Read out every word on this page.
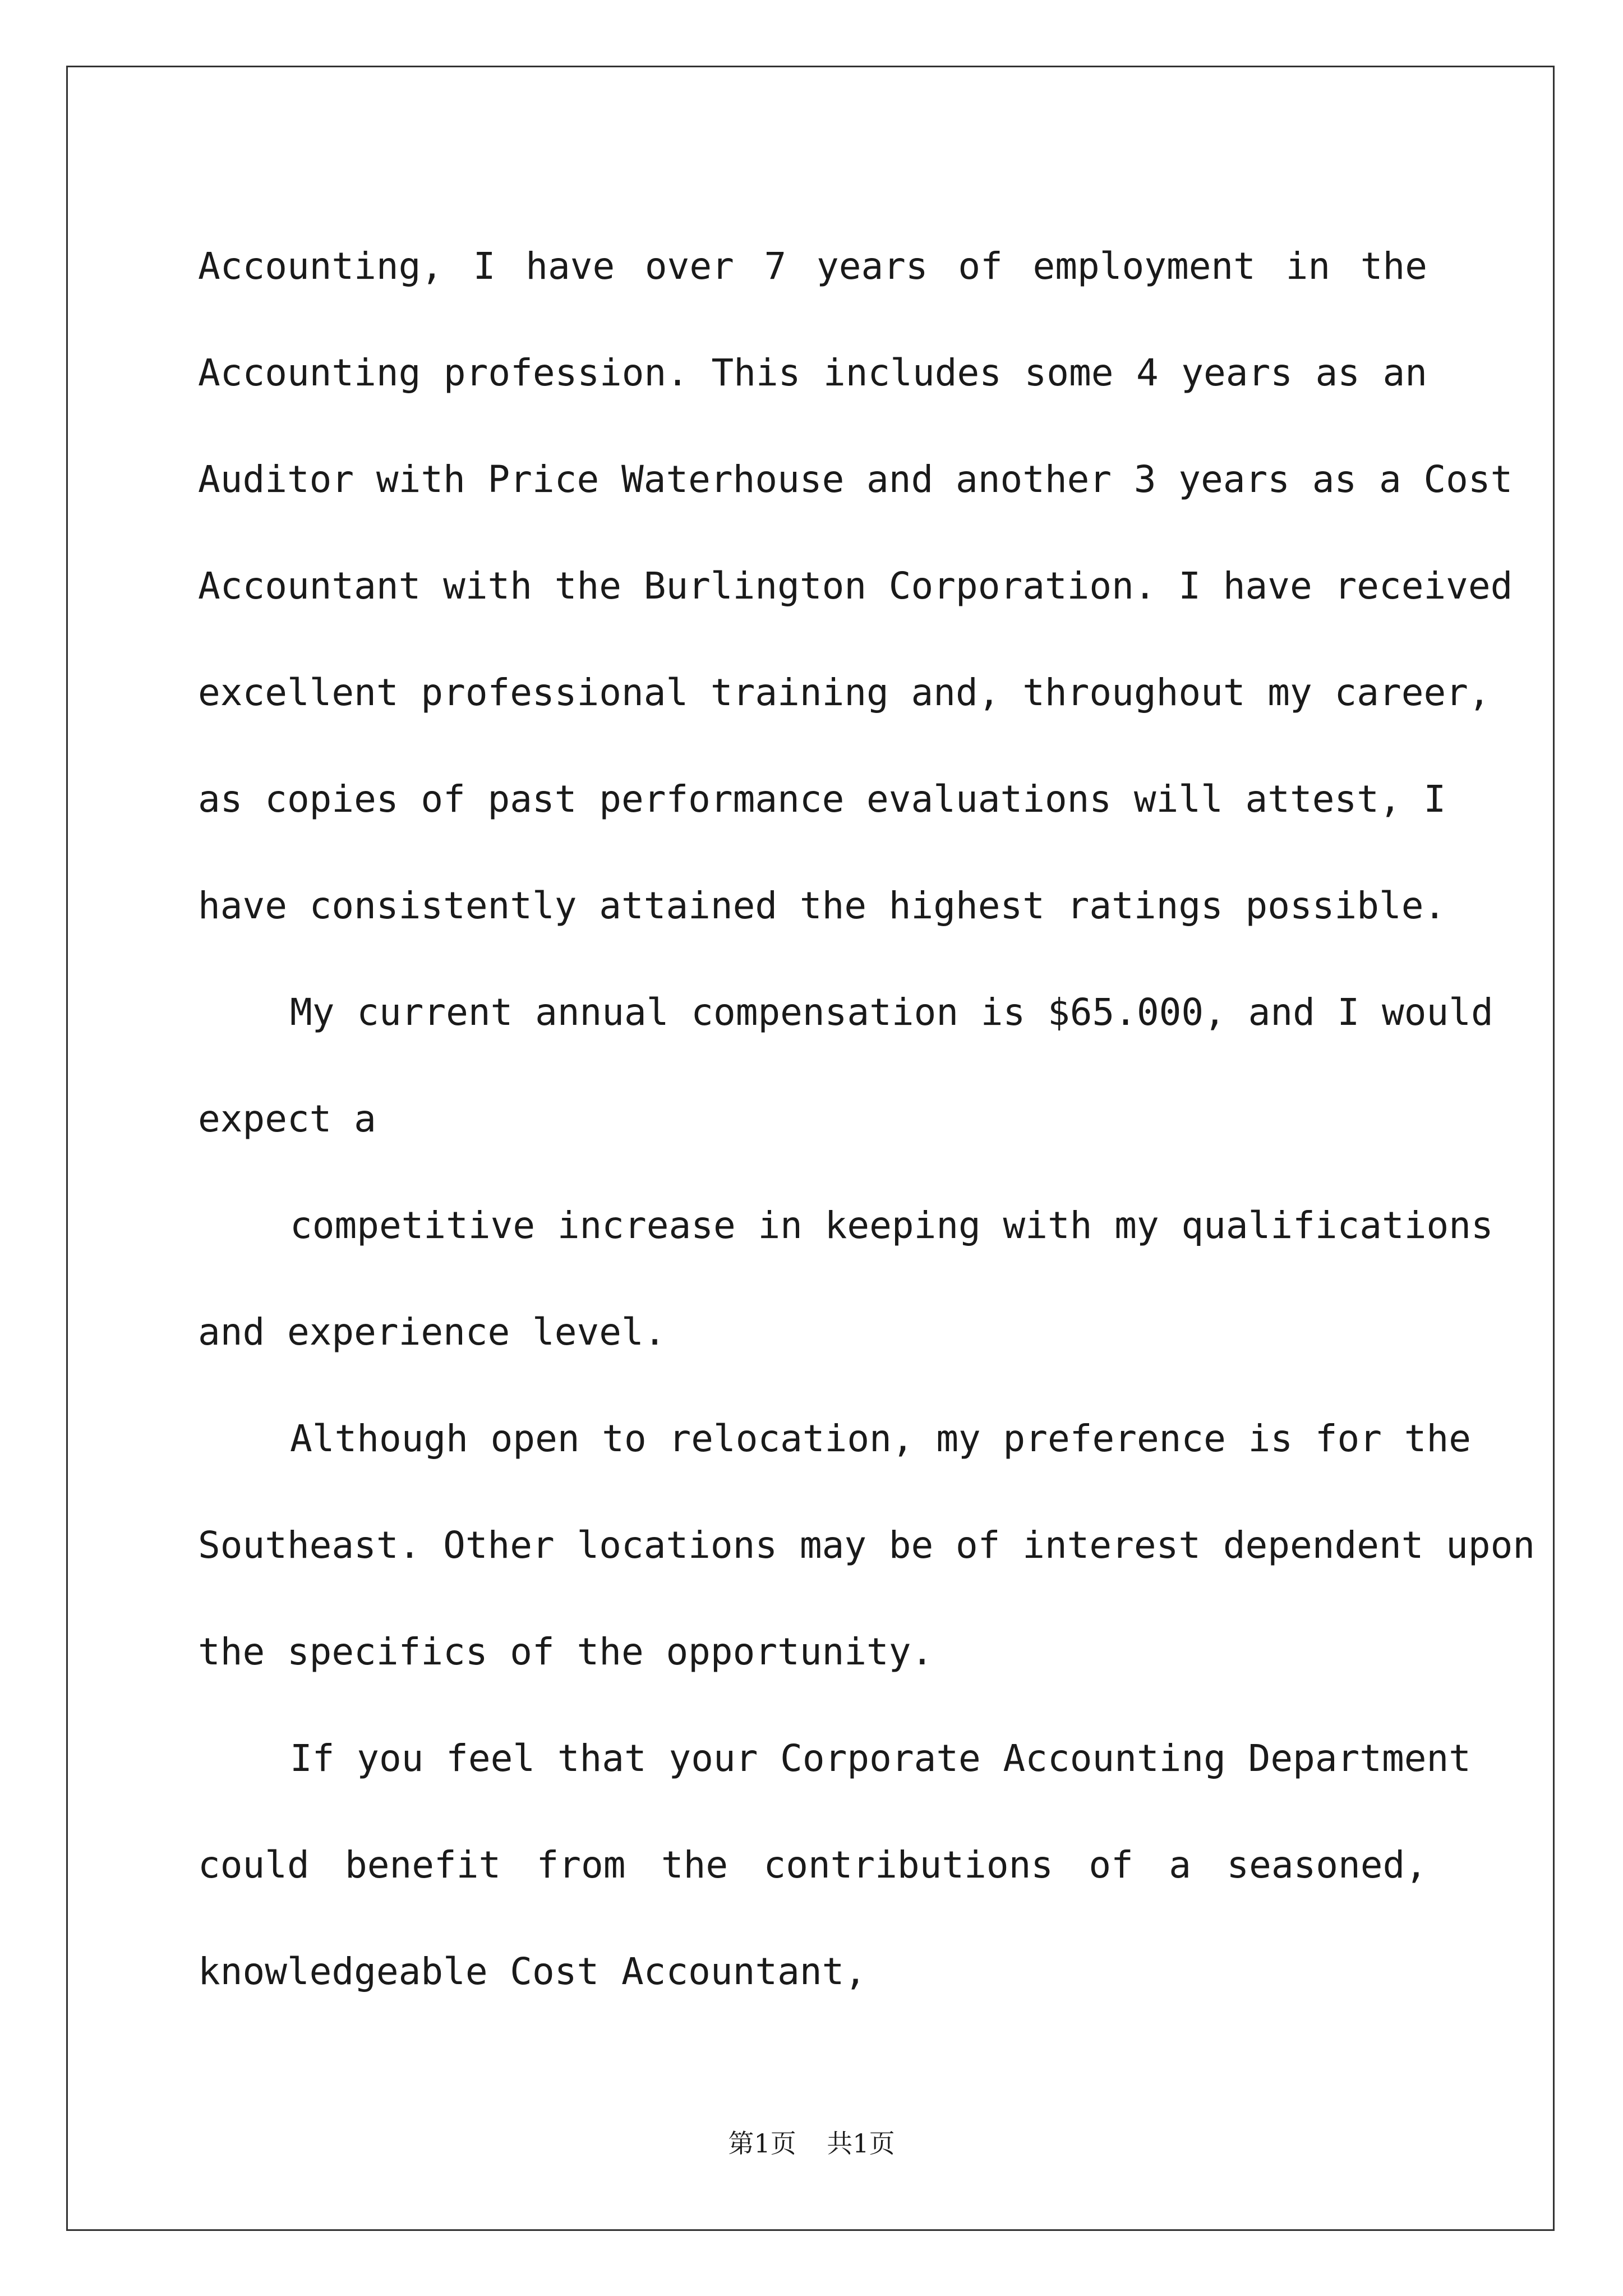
Accounting, I have over 7 years of employment in the
Accounting profession. This includes some 4 years as an
Auditor with Price Waterhouse and another 3 years as a Cost
Accountant with the Burlington Corporation. I have received
excellent professional training and, throughout my career,
as copies of past performance evaluations will attest, I
have consistently attained the highest ratings possible.
My current annual compensation is $65.000, and I would
expect a
competitive increase in keeping with my qualifications
and experience level.
Although open to relocation, my preference is for the
Southeast. Other locations may be of interest dependent upon
the specifics of the opportunity.
If you feel that your Corporate Accounting Department
could benefit from the contributions of a seasoned,
knowledgeable Cost Accountant,
第1页 共1页
